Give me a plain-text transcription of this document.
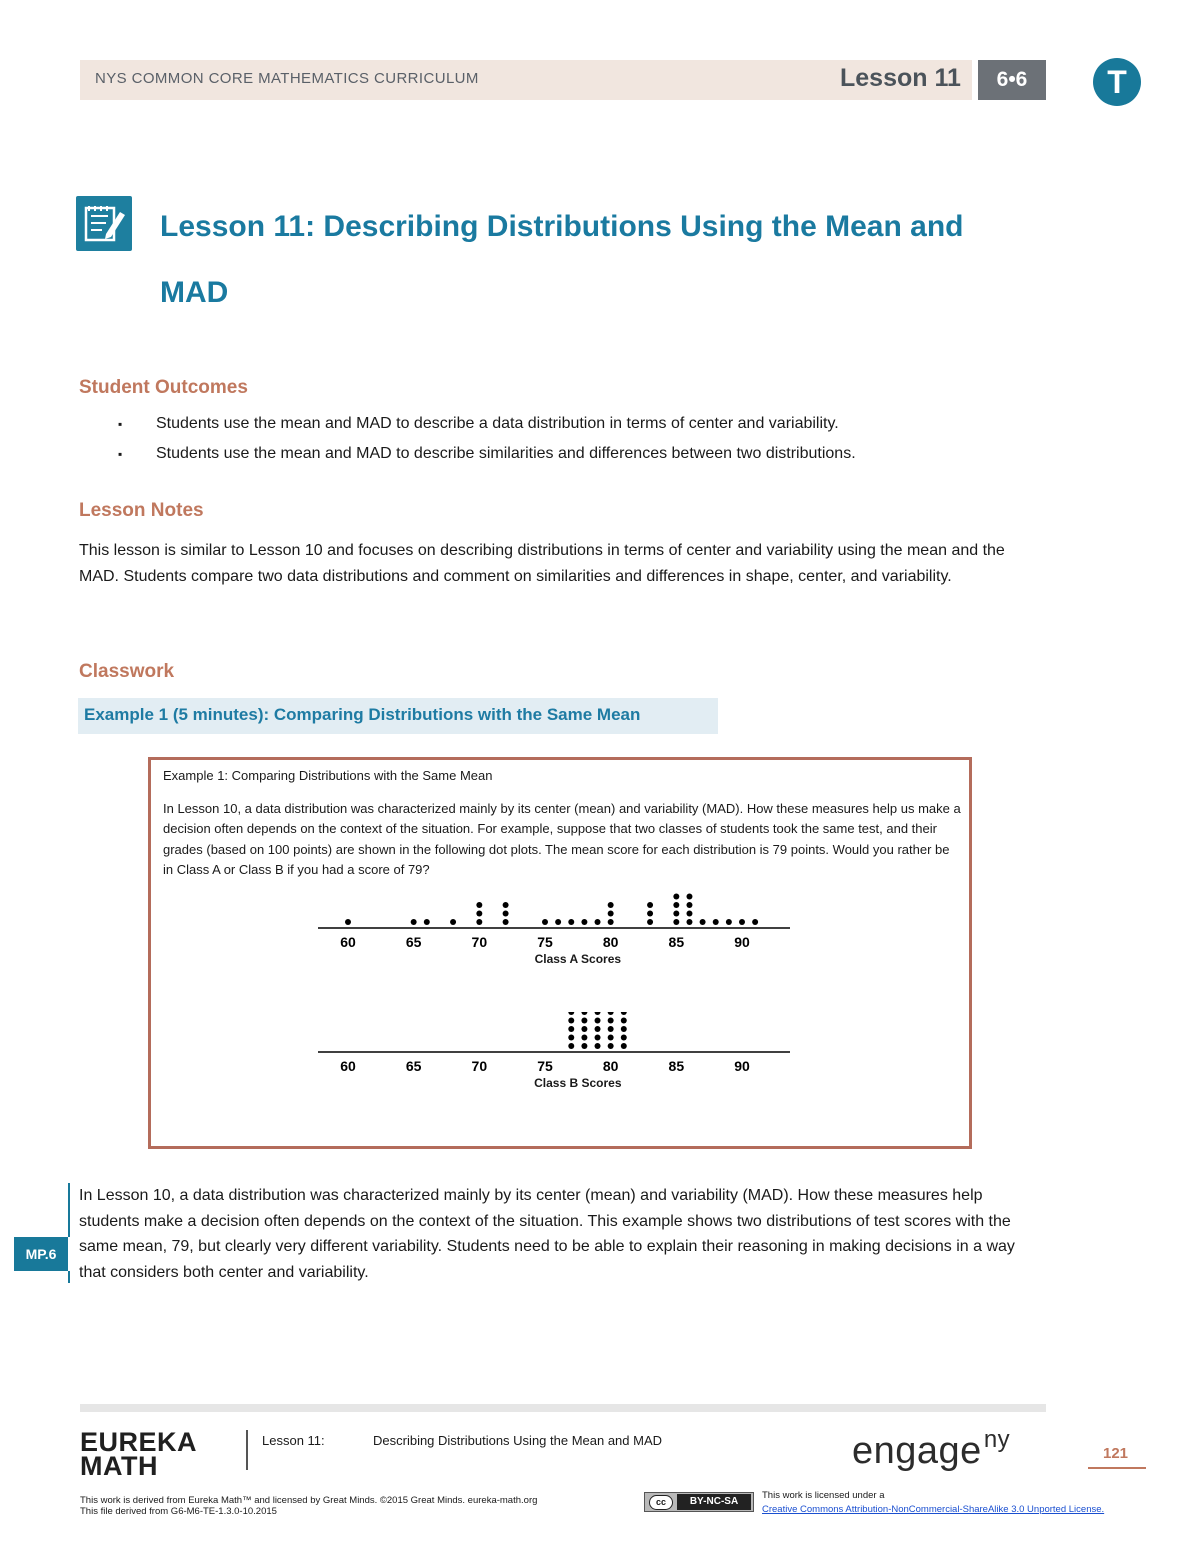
NYS COMMON CORE MATHEMATICS CURRICULUM	Lesson 11	6•6	T
Lesson 11: Describing Distributions Using the Mean and MAD
Student Outcomes
▪ Students use the mean and MAD to describe a data distribution in terms of center and variability.
▪ Students use the mean and MAD to describe similarities and differences between two distributions.
Lesson Notes
This lesson is similar to Lesson 10 and focuses on describing distributions in terms of center and variability using the mean and the MAD. Students compare two data distributions and comment on similarities and differences in shape, center, and variability.
Classwork
Example 1 (5 minutes): Comparing Distributions with the Same Mean
Example 1: Comparing Distributions with the Same Mean
In Lesson 10, a data distribution was characterized mainly by its center (mean) and variability (MAD). How these measures help us make a decision often depends on the context of the situation. For example, suppose that two classes of students took the same test, and their grades (based on 100 points) are shown in the following dot plots. The mean score for each distribution is 79 points. Would you rather be in Class A or Class B if you had a score of 79?
60	65	70	75	80	85	90
Class A Scores
60	65	70	75	80	85	90
Class B Scores
In Lesson 10, a data distribution was characterized mainly by its center (mean) and variability (MAD). How these measures help students make a decision often depends on the context of the situation. This example shows two distributions of test scores with the same mean, 79, but clearly very different variability. Students need to be able to explain their reasoning in making decisions in a way that considers both center and variability.
MP.6
EUREKA
MATH
Lesson 11:	Describing Distributions Using the Mean and MAD	engage$^{ny}$
121
This work is derived from Eureka Math™ and licensed by Great Minds. ©2015 Great Minds. eureka-math.org
This file derived from G6-M6-TE-1.3.0-10.2015
cc	BY-NC-SA
This work is licensed under a
Creative Commons Attribution-NonCommercial-ShareAlike 3.0 Unported License.
